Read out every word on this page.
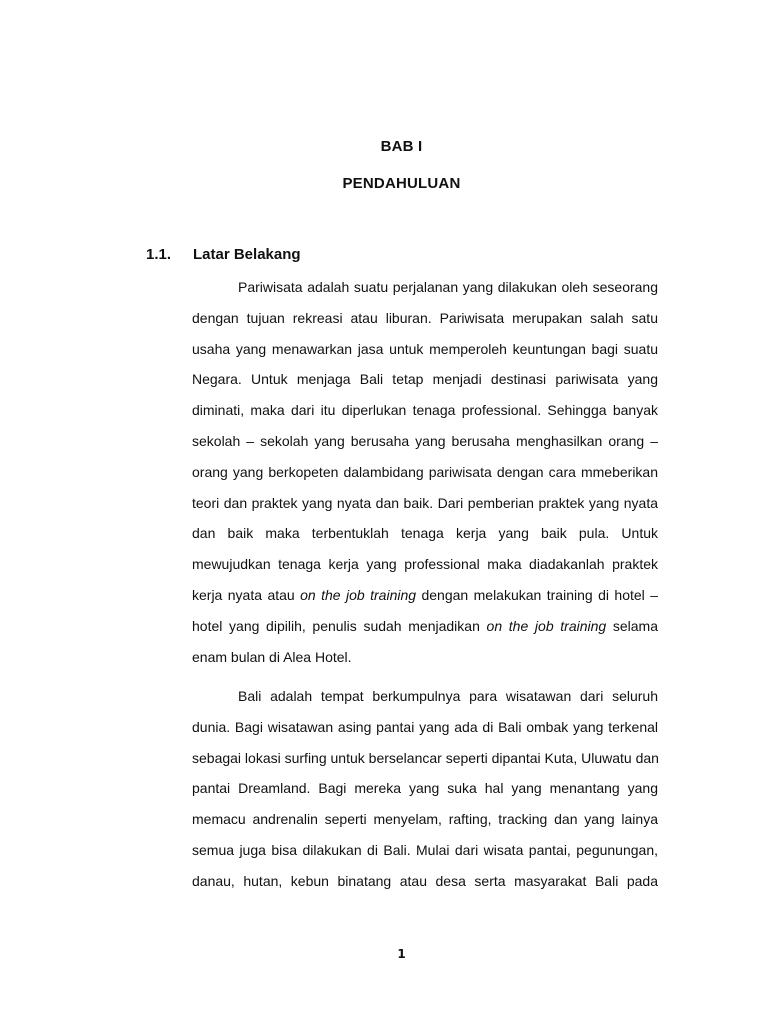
BAB I
PENDAHULUAN
1.1. Latar Belakang
Pariwisata adalah suatu perjalanan yang dilakukan oleh seseorang
dengan tujuan rekreasi atau liburan. Pariwisata merupakan salah satu
usaha yang menawarkan jasa untuk memperoleh keuntungan bagi suatu
Negara. Untuk menjaga Bali tetap menjadi destinasi pariwisata yang
diminati, maka dari itu diperlukan tenaga professional. Sehingga banyak
sekolah – sekolah yang berusaha yang berusaha menghasilkan orang –
orang yang berkopeten dalambidang pariwisata dengan cara mmeberikan
teori dan praktek yang nyata dan baik. Dari pemberian praktek yang nyata
dan baik maka terbentuklah tenaga kerja yang baik pula. Untuk
mewujudkan tenaga kerja yang professional maka diadakanlah praktek
kerja nyata atau on the job training dengan melakukan training di hotel –
hotel yang dipilih, penulis sudah menjadikan on the job training selama
enam bulan di Alea Hotel.
Bali adalah tempat berkumpulnya para wisatawan dari seluruh
dunia. Bagi wisatawan asing pantai yang ada di Bali ombak yang terkenal
sebagai lokasi surfing untuk berselancar seperti dipantai Kuta, Uluwatu dan
pantai Dreamland. Bagi mereka yang suka hal yang menantang yang
memacu andrenalin seperti menyelam, rafting, tracking dan yang lainya
semua juga bisa dilakukan di Bali. Mulai dari wisata pantai, pegunungan,
danau, hutan, kebun binatang atau desa serta masyarakat Bali pada
1
